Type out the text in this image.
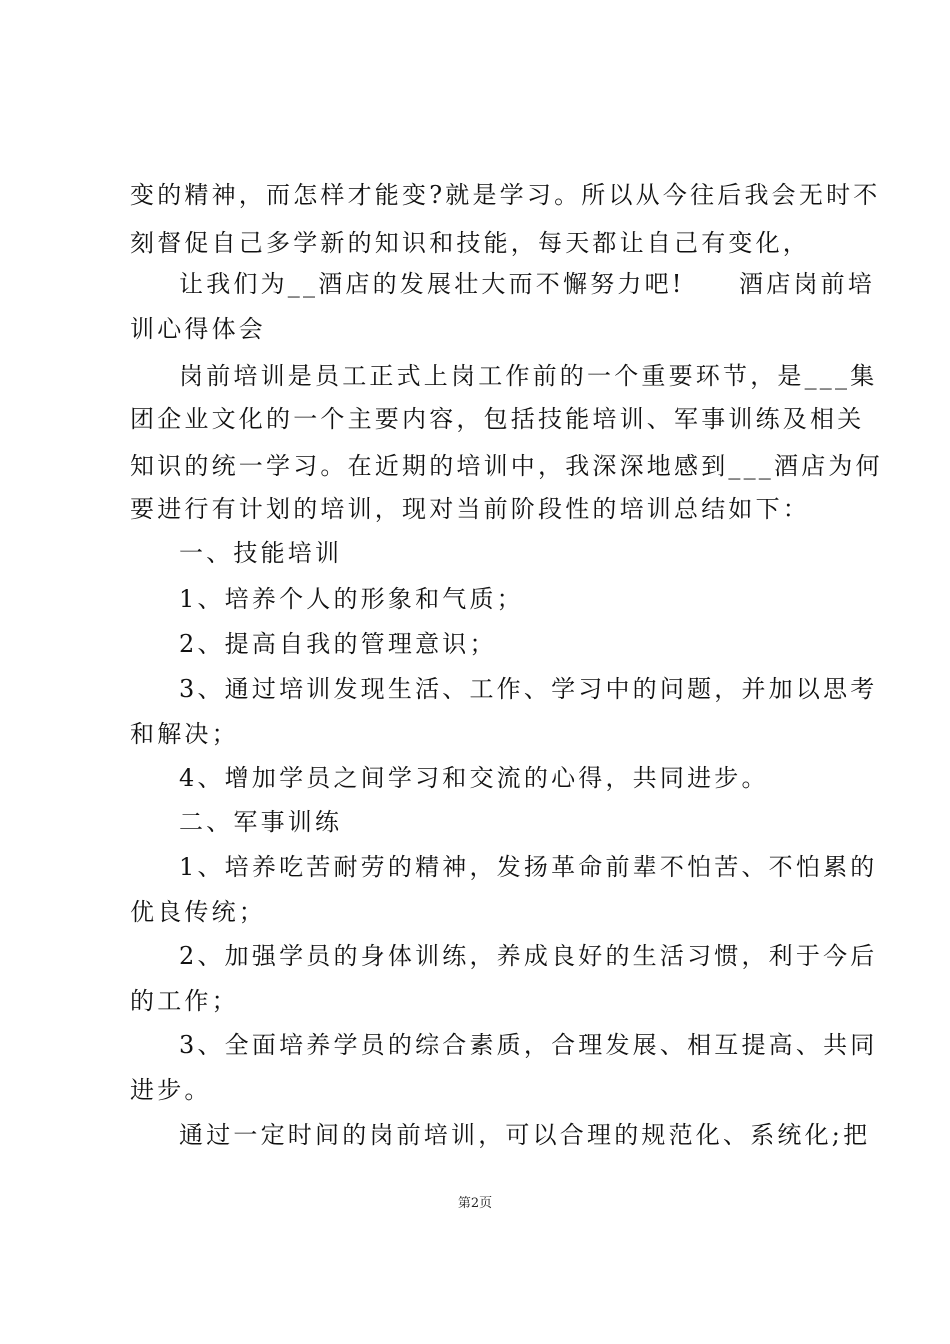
变的精神，而怎样才能变?就是学习。所以从今往后我会无时不
刻督促自己多学新的知识和技能，每天都让自己有变化，
让我们为__酒店的发展壮大而不懈努力吧!　　酒店岗前培
训心得体会
岗前培训是员工正式上岗工作前的一个重要环节，是___集
团企业文化的一个主要内容，包括技能培训、军事训练及相关
知识的统一学习。在近期的培训中，我深深地感到___酒店为何
要进行有计划的培训，现对当前阶段性的培训总结如下：
一、技能培训
1、培养个人的形象和气质；
2、提高自我的管理意识；
3、通过培训发现生活、工作、学习中的问题，并加以思考
和解决；
4、增加学员之间学习和交流的心得，共同进步。
二、军事训练
1、培养吃苦耐劳的精神，发扬革命前辈不怕苦、不怕累的
优良传统；
2、加强学员的身体训练，养成良好的生活习惯，利于今后
的工作；
3、全面培养学员的综合素质，合理发展、相互提高、共同
进步。
通过一定时间的岗前培训，可以合理的规范化、系统化;把
第2页
